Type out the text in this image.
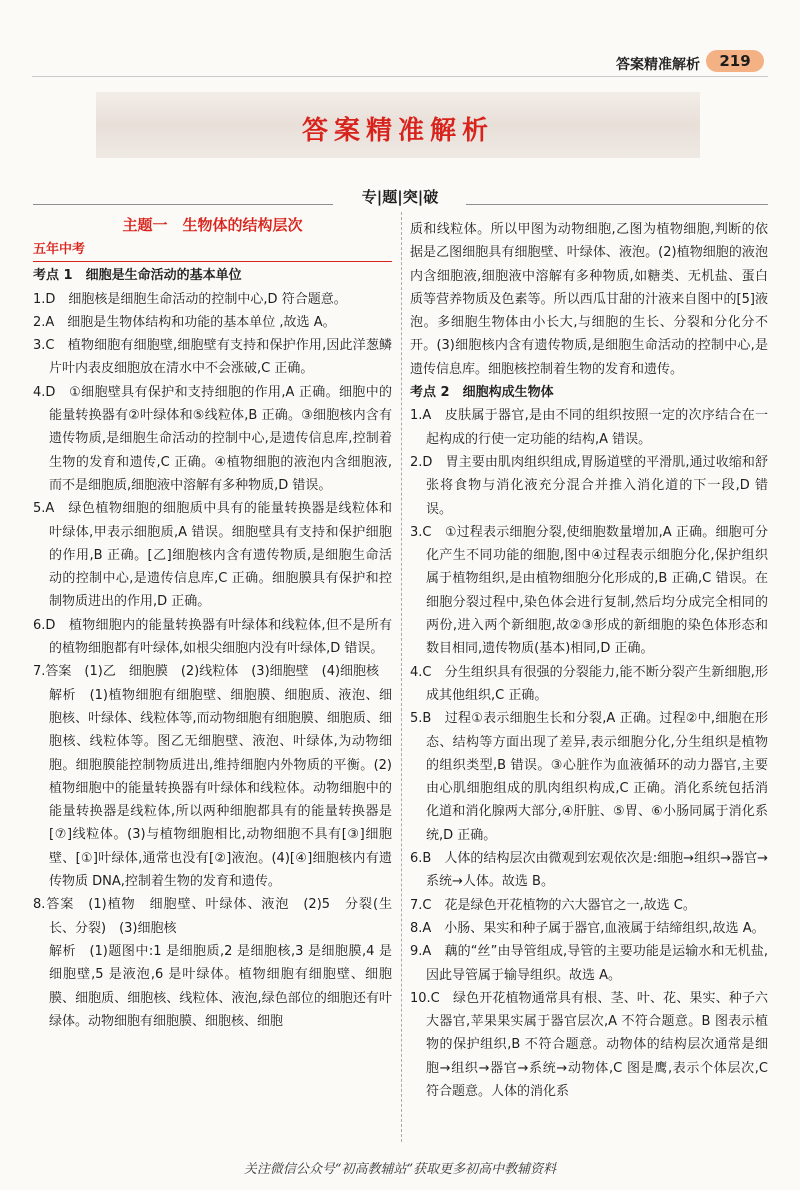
答案精准解析	219
答案精准解析
专|题|突|破
主题一　生物体的结构层次
五年中考

考点 1　细胞是生命活动的基本单位

1.D　细胞核是细胞生命活动的控制中心,D 符合题意。

2.A　细胞是生物体结构和功能的基本单位 ,故选 A。

3.C　植物细胞有细胞壁,细胞壁有支持和保护作用,因此洋葱鳞片叶内表皮细胞放在清水中不会涨破,C 正确。

4.D　①细胞壁具有保护和支持细胞的作用,A 正确。细胞中的能量转换器有②叶绿体和⑤线粒体,B 正确。③细胞核内含有遗传物质,是细胞生命活动的控制中心,是遗传信息库,控制着生物的发育和遗传,C 正确。④植物细胞的液泡内含细胞液,而不是细胞质,细胞液中溶解有多种物质,D 错误。

5.A　绿色植物细胞的细胞质中具有的能量转换器是线粒体和叶绿体,甲表示细胞质,A 错误。细胞壁具有支持和保护细胞的作用,B 正确。[乙]细胞核内含有遗传物质,是细胞生命活动的控制中心,是遗传信息库,C 正确。细胞膜具有保护和控制物质进出的作用,D 正确。

6.D　植物细胞内的能量转换器有叶绿体和线粒体,但不是所有的植物细胞都有叶绿体,如根尖细胞内没有叶绿体,D 错误。

7.答案　(1)乙　细胞膜　(2)线粒体　(3)细胞壁　(4)细胞核

解析　(1)植物细胞有细胞壁、细胞膜、细胞质、液泡、细胞核、叶绿体、线粒体等,而动物细胞有细胞膜、细胞质、细胞核、线粒体等。图乙无细胞壁、液泡、叶绿体,为动物细胞。细胞膜能控制物质进出,维持细胞内外物质的平衡。(2)植物细胞中的能量转换器有叶绿体和线粒体。动物细胞中的能量转换器是线粒体,所以两种细胞都具有的能量转换器是[⑦]线粒体。(3)与植物细胞相比,动物细胞不具有[③]细胞壁、[①]叶绿体,通常也没有[②]液泡。(4)[④]细胞核内有遗传物质 DNA,控制着生物的发育和遗传。

8.答案　(1)植物　细胞壁、叶绿体、液泡　(2)5　分裂(生长、分裂)　(3)细胞核

解析　(1)题图中:1 是细胞质,2 是细胞核,3 是细胞膜,4 是细胞壁,5 是液泡,6 是叶绿体。植物细胞有细胞壁、细胞膜、细胞质、细胞核、线粒体、液泡,绿色部位的细胞还有叶绿体。动物细胞有细胞膜、细胞核、细胞

质和线粒体。所以甲图为动物细胞,乙图为植物细胞,判断的依据是乙图细胞具有细胞壁、叶绿体、液泡。(2)植物细胞的液泡内含细胞液,细胞液中溶解有多种物质,如糖类、无机盐、蛋白质等营养物质及色素等。所以西瓜甘甜的汁液来自图中的[5]液泡。多细胞生物体由小长大,与细胞的生长、分裂和分化分不开。(3)细胞核内含有遗传物质,是细胞生命活动的控制中心,是遗传信息库。细胞核控制着生物的发育和遗传。

考点 2　细胞构成生物体

1.A　皮肤属于器官,是由不同的组织按照一定的次序结合在一起构成的行使一定功能的结构,A 错误。

2.D　胃主要由肌肉组织组成,胃肠道壁的平滑肌,通过收缩和舒张将食物与消化液充分混合并推入消化道的下一段,D 错误。

3.C　①过程表示细胞分裂,使细胞数量增加,A 正确。细胞可分化产生不同功能的细胞,图中④过程表示细胞分化,保护组织属于植物组织,是由植物细胞分化形成的,B 正确,C 错误。在细胞分裂过程中,染色体会进行复制,然后均分成完全相同的两份,进入两个新细胞,故②③形成的新细胞的染色体形态和数目相同,遗传物质(基本)相同,D 正确。

4.C　分生组织具有很强的分裂能力,能不断分裂产生新细胞,形成其他组织,C 正确。

5.B　过程①表示细胞生长和分裂,A 正确。过程②中,细胞在形态、结构等方面出现了差异,表示细胞分化,分生组织是植物的组织类型,B 错误。③心脏作为血液循环的动力器官,主要由心肌细胞组成的肌肉组织构成,C 正确。消化系统包括消化道和消化腺两大部分,④肝脏、⑤胃、⑥小肠同属于消化系统,D 正确。

6.B　人体的结构层次由微观到宏观依次是:细胞→组织→器官→系统→人体。故选 B。

7.C　花是绿色开花植物的六大器官之一,故选 C。

8.A　小肠、果实和种子属于器官,血液属于结缔组织,故选 A。

9.A　藕的“丝”由导管组成,导管的主要功能是运输水和无机盐,因此导管属于输导组织。故选 A。

10.C　绿色开花植物通常具有根、茎、叶、花、果实、种子六大器官,苹果果实属于器官层次,A 不符合题意。B 图表示植物的保护组织,B 不符合题意。动物体的结构层次通常是细胞→组织→器官→系统→动物体,C 图是鹰,表示个体层次,C 符合题意。人体的消化系

关注微信公众号“初高教辅站”获取更多初高中教辅资料
